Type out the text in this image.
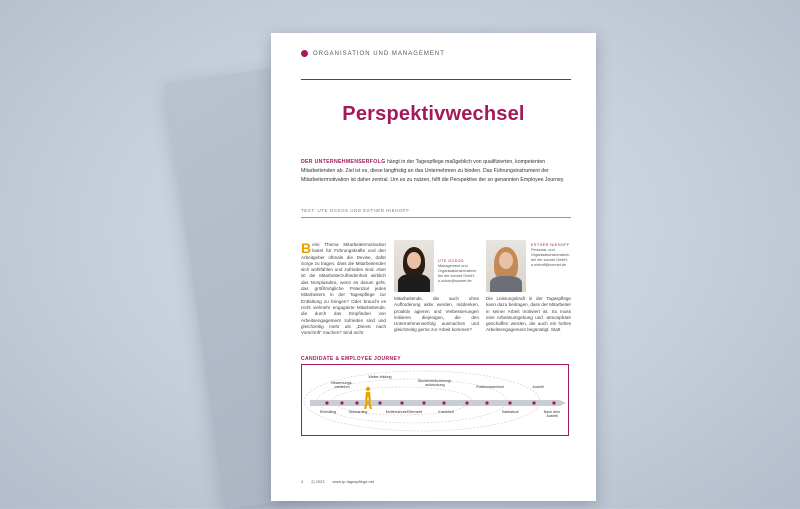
ORGANISATION UND MANAGEMENT
Perspektivwechsel
DER UNTERNEHMENSERFOLG hängt in der Tagespflege maßgeblich von qualifizierten, kompetenten Mitarbeitenden ab. Ziel ist es, diese langfristig an das Unternehmen zu binden. Das Führungsinstrument der Mitarbeitermotivation ist daher zentral. Um es zu nutzen, hilft die Perspektive der so genannten Employee Journey.
TEXT: UTE OCKOS UND ESTHER NIEHOFF
B eim Thema Mitarbeitermotivation lautet für Führungskräfte und den Arbeitgeber oftmals die Devise, dafür Sorge zu tragen, dass die Mitarbeitenden sich wohlfühlen und zufrieden sind. Aber ist die Mitarbeiterzufriedenheit wirklich das Nonplusultra, wenn es darum geht, das größtmögliche Potenzial jedes Mitarbeiters in der Tagespflege zur Entfaltung zu bringen? Oder braucht es nicht vielmehr engagierte Mitarbeitende, die durch das Empfinden von Arbeitsengagement zufrieden sind und gleichzeitig mehr als „Dienst nach Vorschrift“ machen? Sind nicht
UTE OCKOS
Management und Organisationsberaterin bei der sonnet GmbH, u.ockos@sonnet.de
ESTHER NIEHOFF
Personal- und Organisationsberaterin bei der sonnet GmbH, e.niehoff@sonnet.de
Mitarbeitende, die auch ohne Aufforderung aktiv werden, mitdenken, proaktiv agieren und Verbesserungen initiieren diejenigen, die den Unternehmenserfolg ausmachen und gleichzeitig gerne zur Arbeit kommen?
Die Leistungskraft in der Tagespflege kann dazu beitragen, dass der Mitarbeiter in seiner Arbeit motiviert ist. So muss eine Arbeitsumgebung und -atmosphäre geschaffen werden, die auch ein hohes Arbeitsengagement begünstigt. Statt
CANDIDATE & EMPLOYEE JOURNEY
Bewerbungs-verfahren
Weiter-bildung
Stundenreduzierung/-aufstockung	Positionswechsel	Austritt
Recruiting	Onboarding	Mutterschutz/Elternzeit	Krankheit	Sabbatical	Nach dem Austritt
4 2| 2023 www.tp-tagespflege.net
